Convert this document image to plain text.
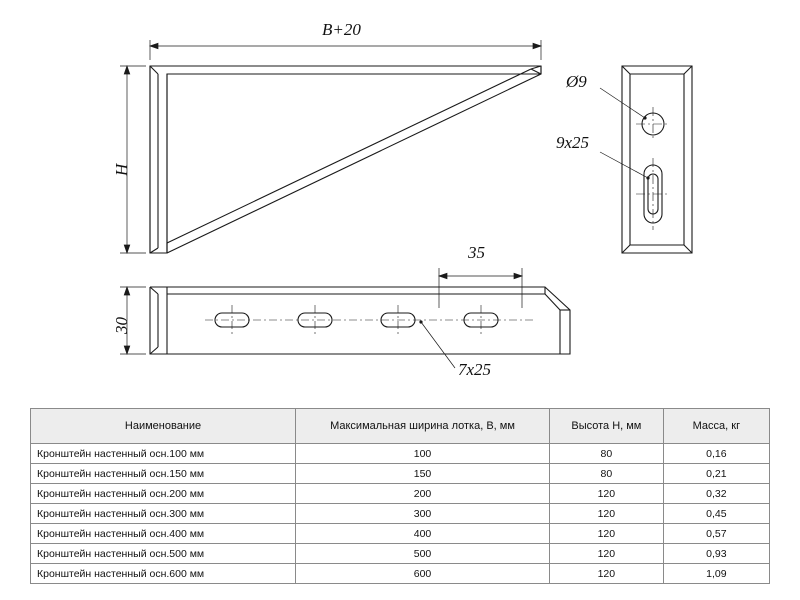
B+20
H
30
Ø9
9x25
35
7x25
Наименование	Максимальная ширина лотка, В, мм	Высота Н, мм	Масса, кг
Кронштейн настенный осн.100 мм	100	80	0,16
Кронштейн настенный осн.150 мм	150	80	0,21
Кронштейн настенный осн.200 мм	200	120	0,32
Кронштейн настенный осн.300 мм	300	120	0,45
Кронштейн настенный осн.400 мм	400	120	0,57
Кронштейн настенный осн.500 мм	500	120	0,93
Кронштейн настенный осн.600 мм	600	120	1,09
